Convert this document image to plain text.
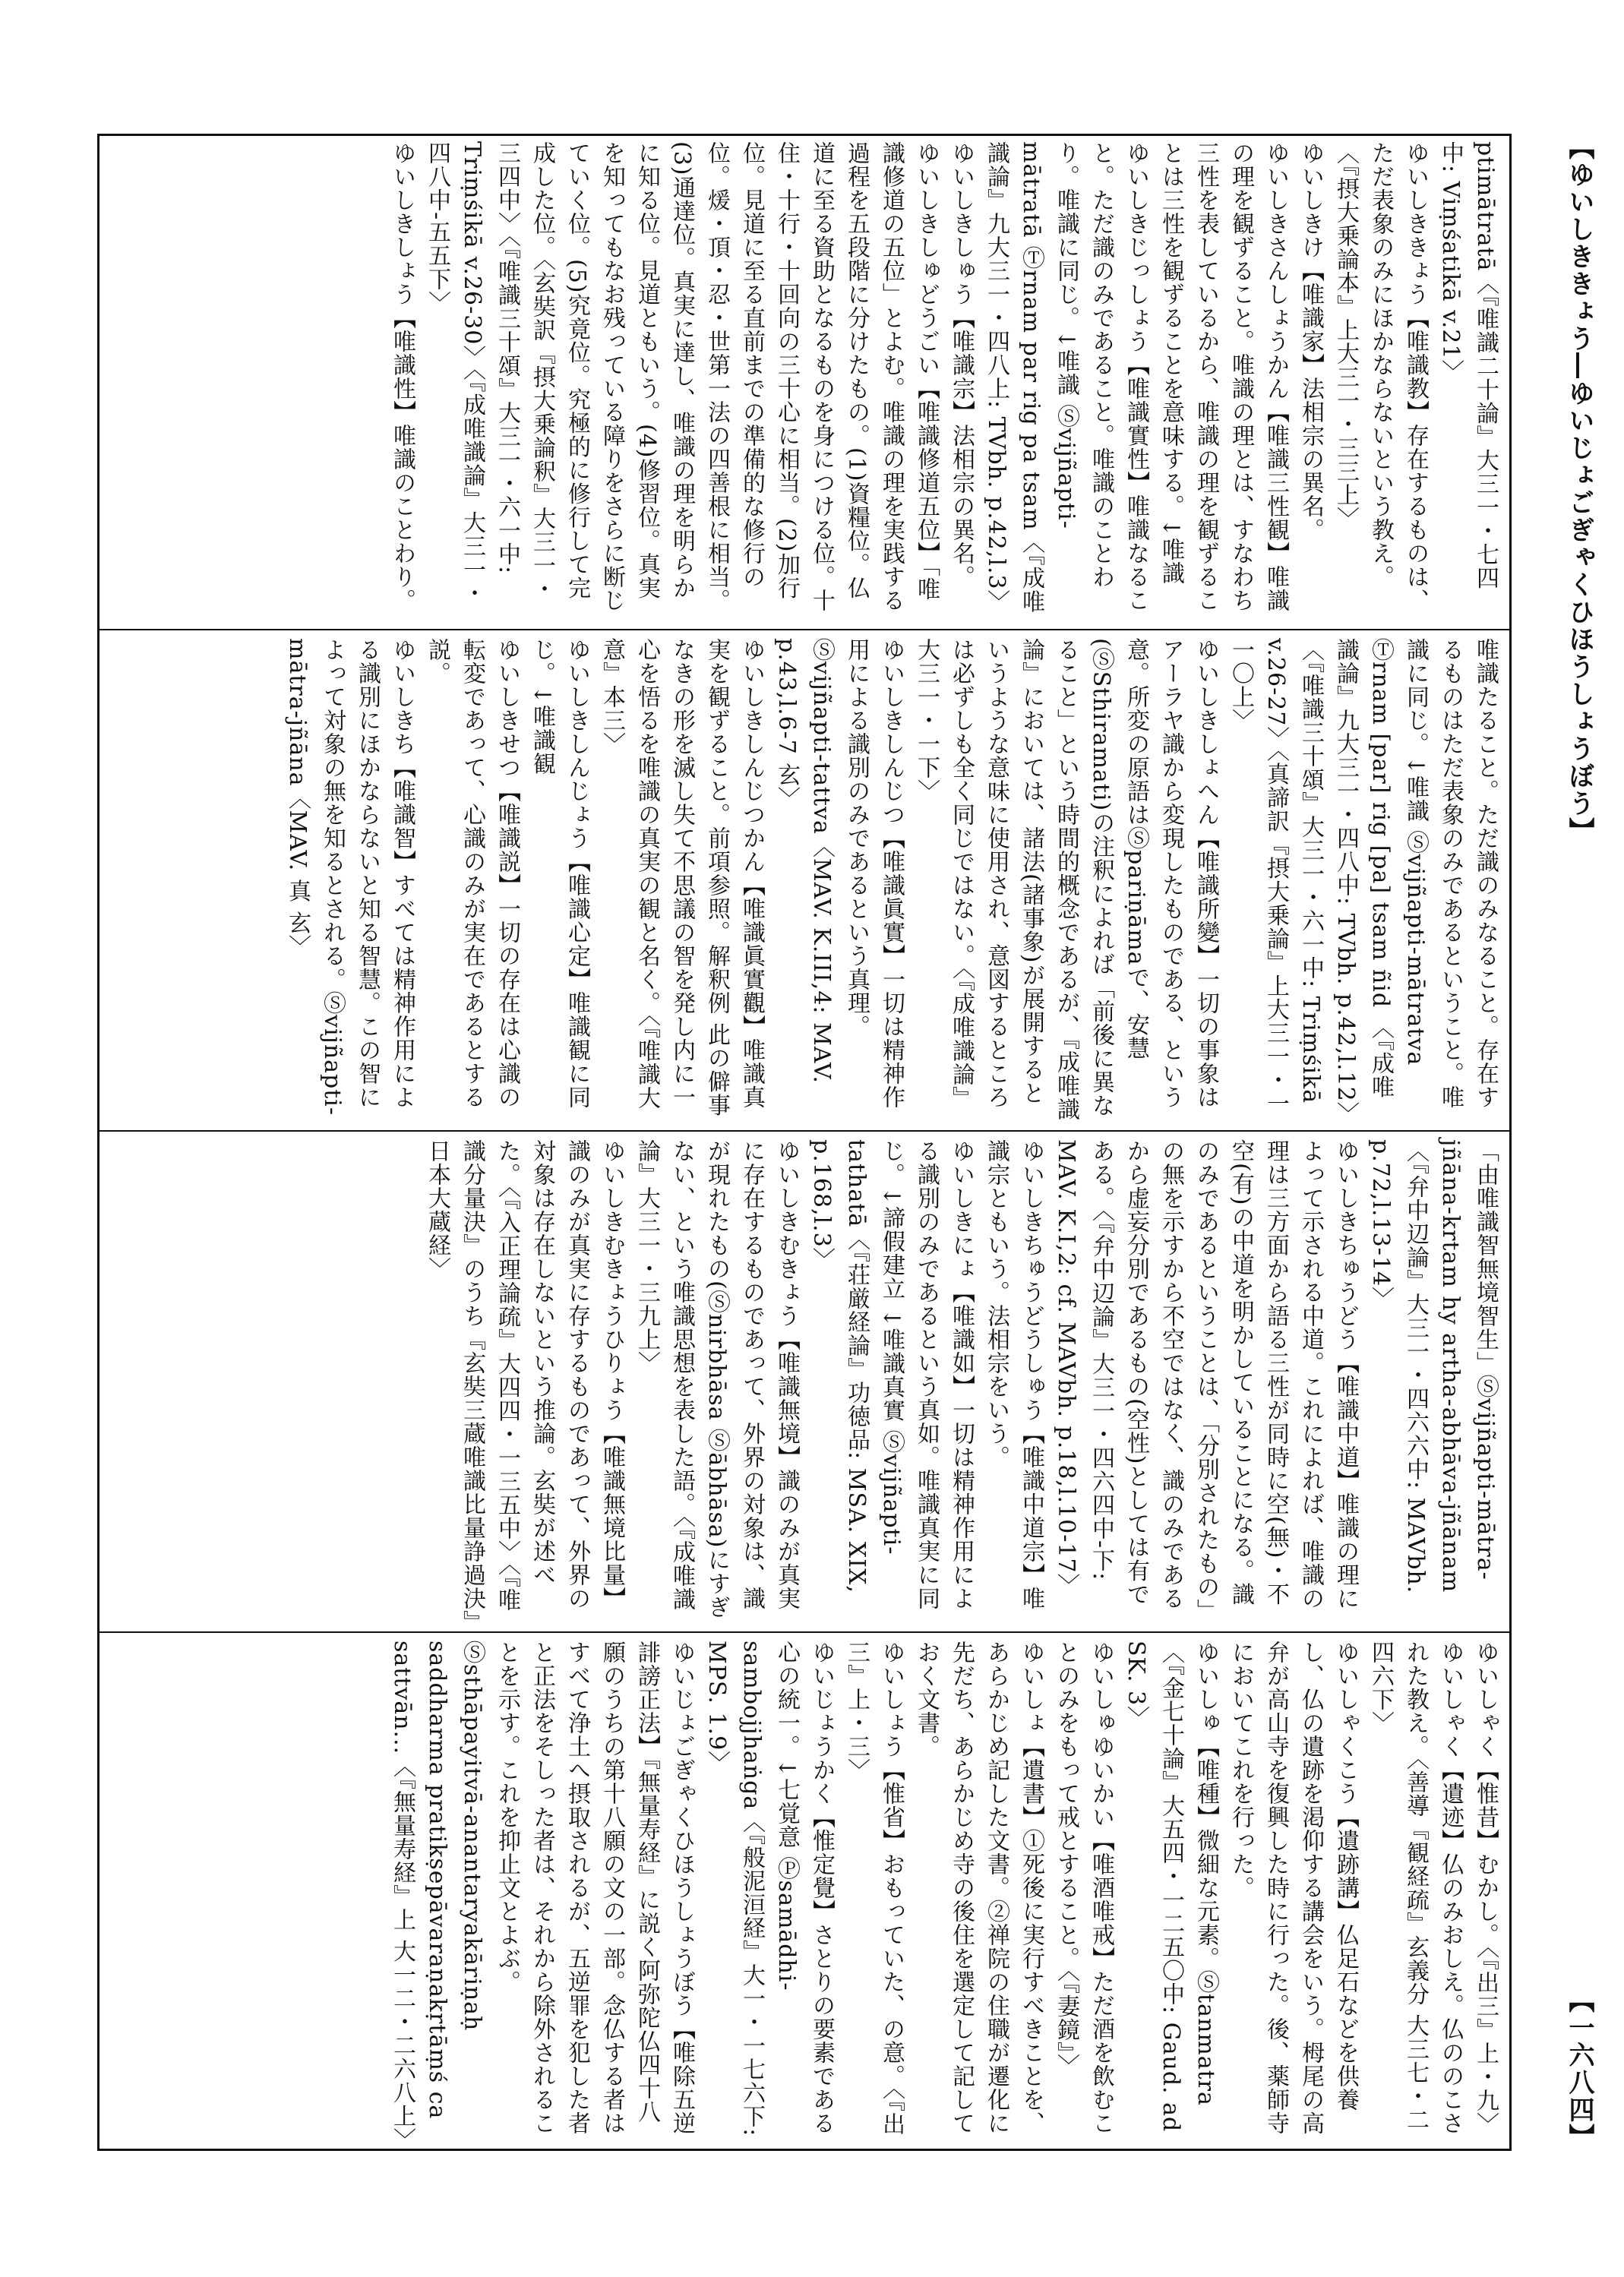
【ゆいしききょう―ゆいじょごぎゃくひほうしょうぼう】
【一六八四】

ptimātratā〈『唯識二十論』大三一・七四中: Viṃśatikā v.21〉

ゆいしききょう【唯識教】存在するものは、ただ表象のみにほかならないという教え。〈『摂大乗論本』上大三一・三三上〉

ゆいしきけ【唯識家】法相宗の異名。

ゆいしきさんしょうかん【唯識三性観】唯識の理を観ずること。唯識の理とは、すなわち三性を表しているから、唯識の理を観ずることは三性を観ずることを意味する。↓唯識

ゆいしきじっしょう【唯識實性】唯識なること。ただ識のみであること。唯識のことわり。唯識に同じ。↓唯識 Ⓢvijñapti-mātratā Ⓣrnam par rig pa tsam〈『成唯識論』九大三一・四八上: TVbh. p.42,l.3〉

ゆいしきしゅう【唯識宗】法相宗の異名。

ゆいしきしゅどうごい【唯識修道五位】「唯識修道の五位」とよむ。唯識の理を実践する過程を五段階に分けたもの。(1)資糧位。仏道に至る資助となるものを身につける位。十住・十行・十回向の三十心に相当。(2)加行位。見道に至る直前までの準備的な修行の位。煖・頂・忍・世第一法の四善根に相当。(3)通達位。真実に達し、唯識の理を明らかに知る位。見道ともいう。(4)修習位。真実を知ってもなお残っている障りをさらに断じていく位。(5)究竟位。究極的に修行して完成した位。〈玄奘訳『摂大乗論釈』大三一・三四中〉〈『唯識三十頌』大三一・六一中: Triṃśikā v.26-30〉〈『成唯識論』大三一・四八中-五五下〉

ゆいしきしょう【唯識性】唯識のことわり。

唯識たること。ただ識のみなること。存在するものはただ表象のみであるということ。唯識に同じ。↓唯識 Ⓢvijñapti-mātratva Ⓣrnam [par] rig [pa] tsam ñid 〈『成唯識論』九大三一・四八中: TVbh. p.42,l.12〉〈『唯識三十頌』大三一・六一中: Triṃśikā v.26-27〉〈真諦訳『摂大乗論』上大三一・一一〇上〉

ゆいしきしょへん【唯識所變】一切の事象はアーラヤ識から変現したものである、という意。所変の原語はⓈpariṇāmaで、安慧(ⓈSthiramati)の注釈によれば「前後に異なること」という時間的概念であるが、『成唯識論』においては、諸法(諸事象)が展開するというような意味に使用され、意図するところは必ずしも全く同じではない。〈『成唯識論』大三一・一下〉

ゆいしきしんじつ【唯識眞實】一切は精神作用による識別のみであるという真理。Ⓢvijñapti-tattva〈MAV. K.III,4: MAV. p.43,l.6-7 玄〉

ゆいしきしんじつかん【唯識眞實觀】唯識真実を観ずること。前項参照。解釈例 此の僻事なきの形を滅し失て不思議の智を発し内に一心を悟るを唯識の真実の観と名く。〈『唯識大意』本三〉

ゆいしきしんじょう【唯識心定】唯識観に同じ。↓唯識観

ゆいしきせつ【唯識説】一切の存在は心識の転変であって、心識のみが実在であるとする説。

ゆいしきち【唯識智】すべては精神作用による識別にほかならないと知る智慧。この智によって対象の無を知るとされる。Ⓢvijñapti-mātra-jñāna〈MAV. 真 玄〉

「由唯識智無境智生」Ⓢvijñapti-mātra-jñāna-krtam hy artha-abhāva-jñānam〈『弁中辺論』大三一・四六六中: MAVbh. p.72,l.13-14〉

ゆいしきちゅうどう【唯識中道】唯識の理によって示される中道。これによれば、唯識の理は三方面から語る三性が同時に空(無)・不空(有)の中道を明かしていることになる。識のみであるということは、「分別されたもの」の無を示すから不空ではなく、識のみであるから虚妄分別であるもの(空性)としては有である。〈『弁中辺論』大三一・四六四中-下: MAV. K.I,2: cf. MAVbh. p.18,l.10-17〉

ゆいしきちゅうどうしゅう【唯識中道宗】唯識宗ともいう。法相宗をいう。

ゆいしきにょ【唯識如】一切は精神作用による識別のみであるという真如。唯識真実に同じ。↓諦假建立 ↓唯識真實 Ⓢvijñapti-tathatā〈『荘厳経論』功徳品: MSA. XIX, p.168,l.3〉

ゆいしきむきょう【唯識無境】識のみが真実に存在するものであって、外界の対象は、識が現れたもの(Ⓢnirbhāsa Ⓢābhāsa)にすぎない、という唯識思想を表した語。〈『成唯識論』大三一・三九上〉

ゆいしきむきょうひりょう【唯識無境比量】識のみが真実に存するものであって、外界の対象は存在しないという推論。玄奘が述べた。〈『入正理論疏』大四四・一三五中〉〈『唯識分量決』のうち『玄奘三蔵唯識比量諍過決』日本大蔵経〉

ゆいしゃく【惟昔】むかし。〈『出三』上・九〉

ゆいしゃく【遺迹】仏のみおしえ。仏ののこされた教え。〈善導『観経疏』玄義分 大三七・二四六下〉

ゆいしゃくこう【遺跡講】仏足石などを供養し、仏の遺跡を渇仰する講会をいう。栂尾の高弁が高山寺を復興した時に行った。後、薬師寺においてこれを行った。

ゆいしゅ【唯種】微細な元素。Ⓢtanmatra〈『金七十論』大五四・一二五〇中: Gaud. ad SK. 3〉

ゆいしゅゆいかい【唯酒唯戒】ただ酒を飲むことのみをもって戒とすること。〈『妻鏡』〉

ゆいしょ【遺書】①死後に実行すべきことを、あらかじめ記した文書。②禅院の住職が遷化に先だち、あらかじめ寺の後住を選定して記しておく文書。

ゆいしょう【惟省】おもっていた、の意。〈『出三』上・三〉

ゆいじょうかく【惟定覺】さとりの要素である心の統一。↓七覚意 Ⓟsamādhi-sambojjhaṅga〈『般泥洹経』大一・一七六下: MPS. 1.9〉

ゆいじょごぎゃくひほうしょうぼう【唯除五逆誹謗正法】『無量寿経』に説く阿弥陀仏四十八願のうちの第十八願の文の一部。念仏する者はすべて浄土へ摂取されるが、五逆罪を犯した者と正法をそしった者は、それから除外されることを示す。これを抑止文とよぶ。Ⓢsthāpayitvā-anantaryakāriṇaḥ saddharma pratikṣepāvaraṇakṛtāṃś ca sattvān...〈『無量寿経』上 大一二・二六八上〉
